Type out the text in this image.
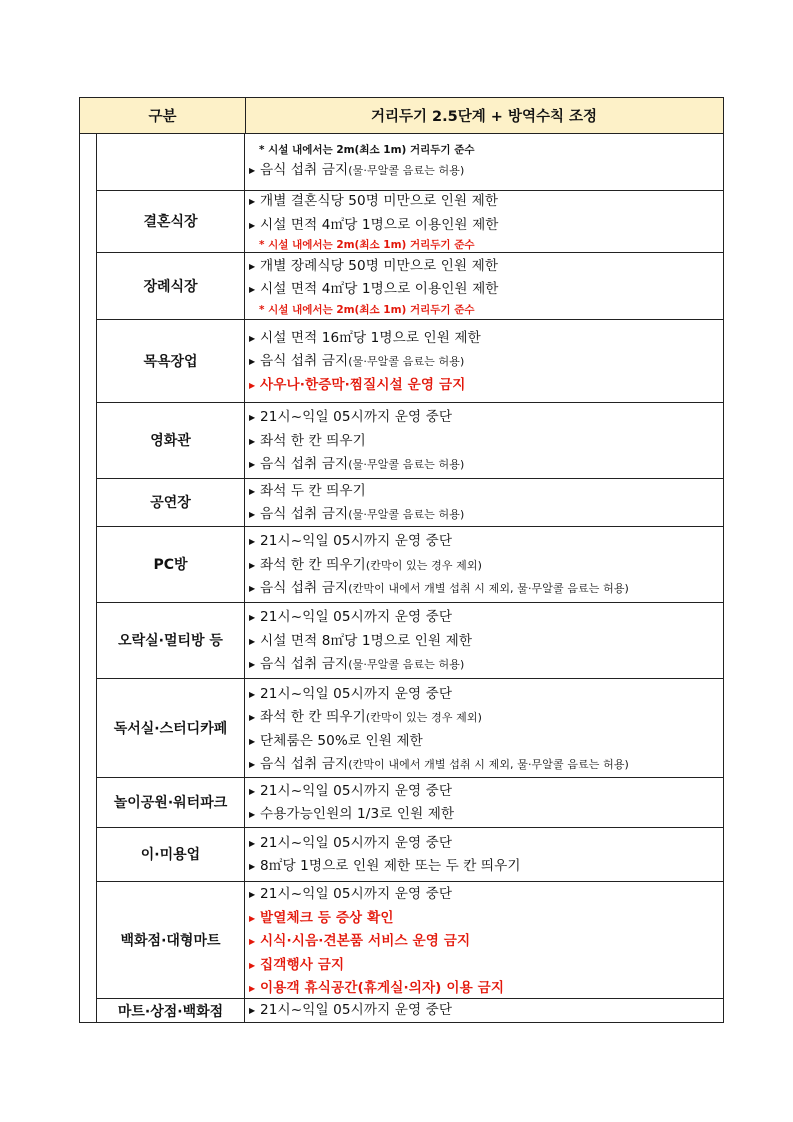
구분	거리두기 2.5단계 + 방역수칙 조정
* 시설 내에서는 2m(최소 1m) 거리두기 준수
▶ 음식 섭취 금지(물·무알콜 음료는 허용)
결혼식장
▶ 개별 결혼식당 50명 미만으로 인원 제한
▶ 시설 면적 4㎡당 1명으로 이용인원 제한
* 시설 내에서는 2m(최소 1m) 거리두기 준수
장례식장
▶ 개별 장례식당 50명 미만으로 인원 제한
▶ 시설 면적 4㎡당 1명으로 이용인원 제한
* 시설 내에서는 2m(최소 1m) 거리두기 준수
목욕장업
▶ 시설 면적 16㎡당 1명으로 인원 제한
▶ 음식 섭취 금지(물·무알콜 음료는 허용)
▶ 사우나·한증막·찜질시설 운영 금지
영화관
▶ 21시~익일 05시까지 운영 중단
▶ 좌석 한 칸 띄우기
▶ 음식 섭취 금지(물·무알콜 음료는 허용)
공연장
▶ 좌석 두 칸 띄우기
▶ 음식 섭취 금지(물·무알콜 음료는 허용)
PC방
▶ 21시~익일 05시까지 운영 중단
▶ 좌석 한 칸 띄우기(칸막이 있는 경우 제외)
▶ 음식 섭취 금지(칸막이 내에서 개별 섭취 시 제외, 물·무알콜 음료는 허용)
오락실·멀티방 등
▶ 21시~익일 05시까지 운영 중단
▶ 시설 면적 8㎡당 1명으로 인원 제한
▶ 음식 섭취 금지(물·무알콜 음료는 허용)
독서실·스터디카페
▶ 21시~익일 05시까지 운영 중단
▶ 좌석 한 칸 띄우기(칸막이 있는 경우 제외)
▶ 단체룸은 50%로 인원 제한
▶ 음식 섭취 금지(칸막이 내에서 개별 섭취 시 제외, 물·무알콜 음료는 허용)
놀이공원·워터파크
▶ 21시~익일 05시까지 운영 중단
▶ 수용가능인원의 1/3로 인원 제한
이·미용업
▶ 21시~익일 05시까지 운영 중단
▶ 8㎡당 1명으로 인원 제한 또는 두 칸 띄우기
백화점·대형마트
▶ 21시~익일 05시까지 운영 중단
▶ 발열체크 등 증상 확인
▶ 시식·시음·견본품 서비스 운영 금지
▶ 집객행사 금지
▶ 이용객 휴식공간(휴게실·의자) 이용 금지
마트·상점·백화점	▶ 21시~익일 05시까지 운영 중단
